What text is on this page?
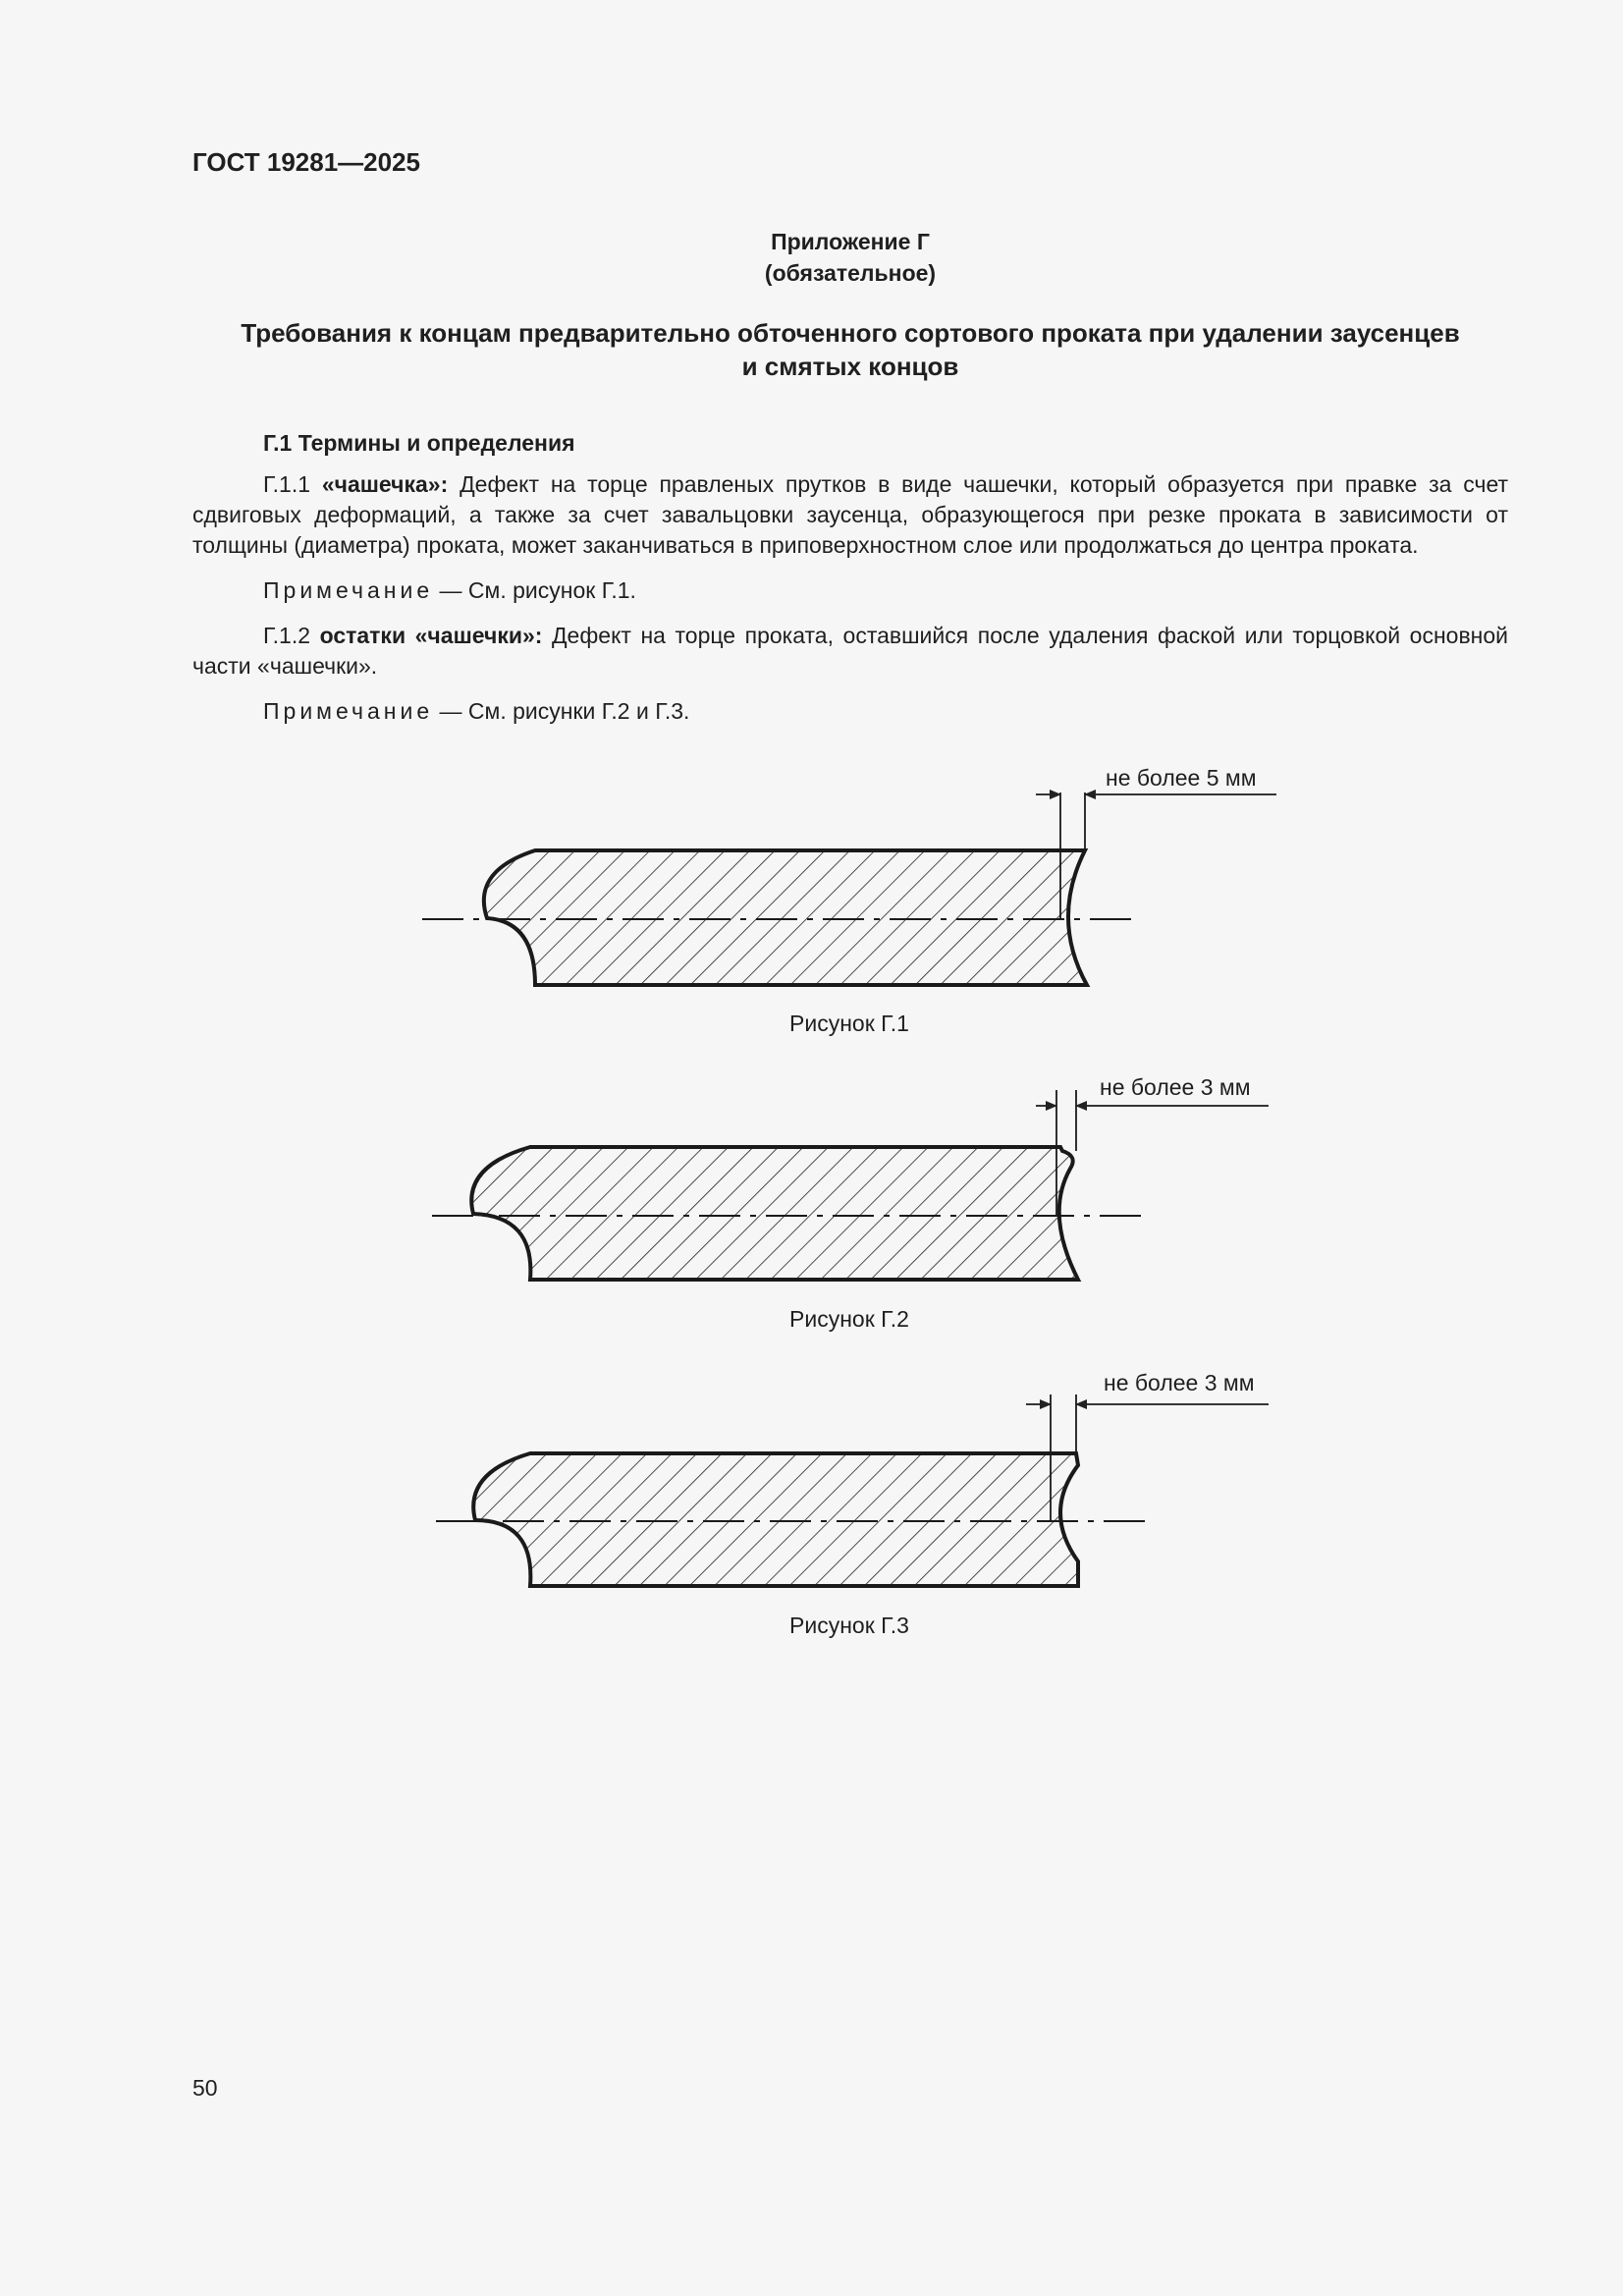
ГОСТ 19281—2025
Приложение Г
(обязательное)
Требования к концам предварительно обточенного сортового проката при удалении заусенцев
и смятых концов
Г.1 Термины и определения

Г.1.1 «чашечка»: Дефект на торце правленых прутков в виде чашечки, который образуется при правке за счет сдвиговых деформаций, а также за счет завальцовки заусенца, образующегося при резке проката в зависимости от толщины (диаметра) проката, может заканчиваться в приповерхностном слое или продолжаться до центра проката.

Примечание — См. рисунок Г.1.

Г.1.2 остатки «чашечки»: Дефект на торце проката, оставшийся после удаления фаской или торцовкой основной части «чашечки».

Примечание — См. рисунки Г.2 и Г.3.

не более 5 мм
Рисунок Г.1
не более 3 мм
Рисунок Г.2
не более 3 мм
Рисунок Г.3
50
